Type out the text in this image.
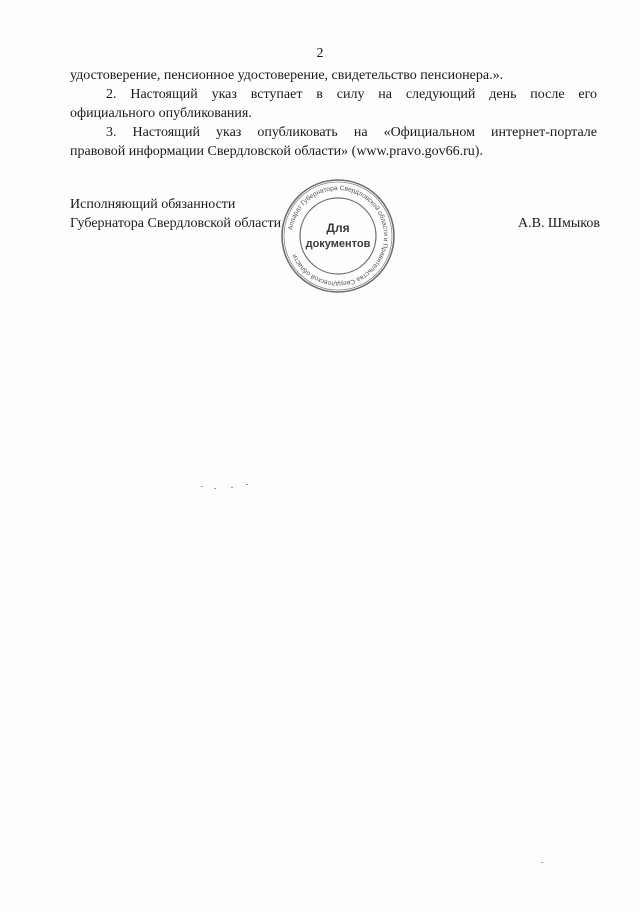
2

удостоверение, пенсионное удостоверение, свидетельство пенсионера.».

2. Настоящий указ вступает в силу на следующий день после его

официального опубликования.

3. Настоящий указ опубликовать на «Официальном интернет-портале

правовой информации Свердловской области» (www.pravo.gov66.ru).

Исполняющий обязанности
Губернатора Свердловской области	А.В. Шмыков
Аппарат Губернатора Свердловской области и Правительства Свердловской области
Для
документов
